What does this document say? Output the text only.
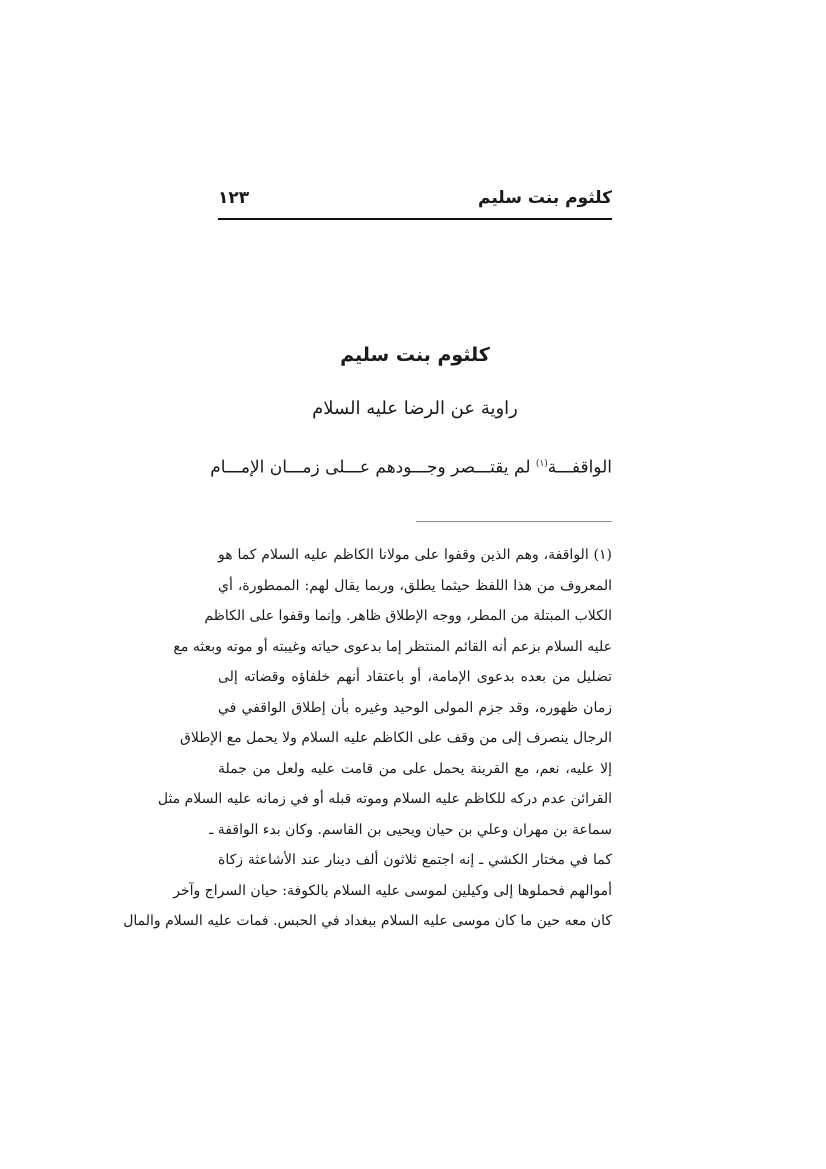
كلثوم بنت سليم
١٢٣
كلثوم بنت سليم
راوية عن الرضا عليه السلام
الواقفـــة$^{(١)}$ لم يقتـــصر وجـــودهم عـــلى زمـــان الإمـــام
(١) الواقفة، وهم الذين وقفوا على مولانا الكاظم عليه السلام كما هو
المعروف من هذا اللفظ حيثما يطلق، وربما يقال لهم: الممطورة، أي
الكلاب المبتلة من المطر، ووجه الإطلاق ظاهر. وإنما وقفوا على الكاظم
عليه السلام بزعم أنه القائم المنتظر إما بدعوى حياته وغيبته أو موته وبعثه مع
تضليل من بعده بدعوى الإمامة، أو باعتقاد أنهم خلفاؤه وقضاته إلى
زمان ظهوره، وقد جزم المولى الوحيد وغيره بأن إطلاق الواقفي في
الرجال ينصرف إلى من وقف على الكاظم عليه السلام ولا يحمل مع الإطلاق
إلا عليه، نعم، مع القرينة يحمل على من قامت عليه ولعل من جملة
القرائن عدم دركه للكاظم عليه السلام وموته قبله أو في زمانه عليه السلام مثل
سماعة بن مهران وعلي بن حيان ويحيى بن القاسم. وكان بدء الواقفة ـ
كما في مختار الكشي ـ إنه اجتمع ثلاثون ألف دينار عند الأشاعثة زكاة
أموالهم فحملوها إلى وكيلين لموسى عليه السلام بالكوفة: حيان السراج وآخر
كان معه حين ما كان موسى عليه السلام ببغداد في الحبس. فمات عليه السلام والمال
